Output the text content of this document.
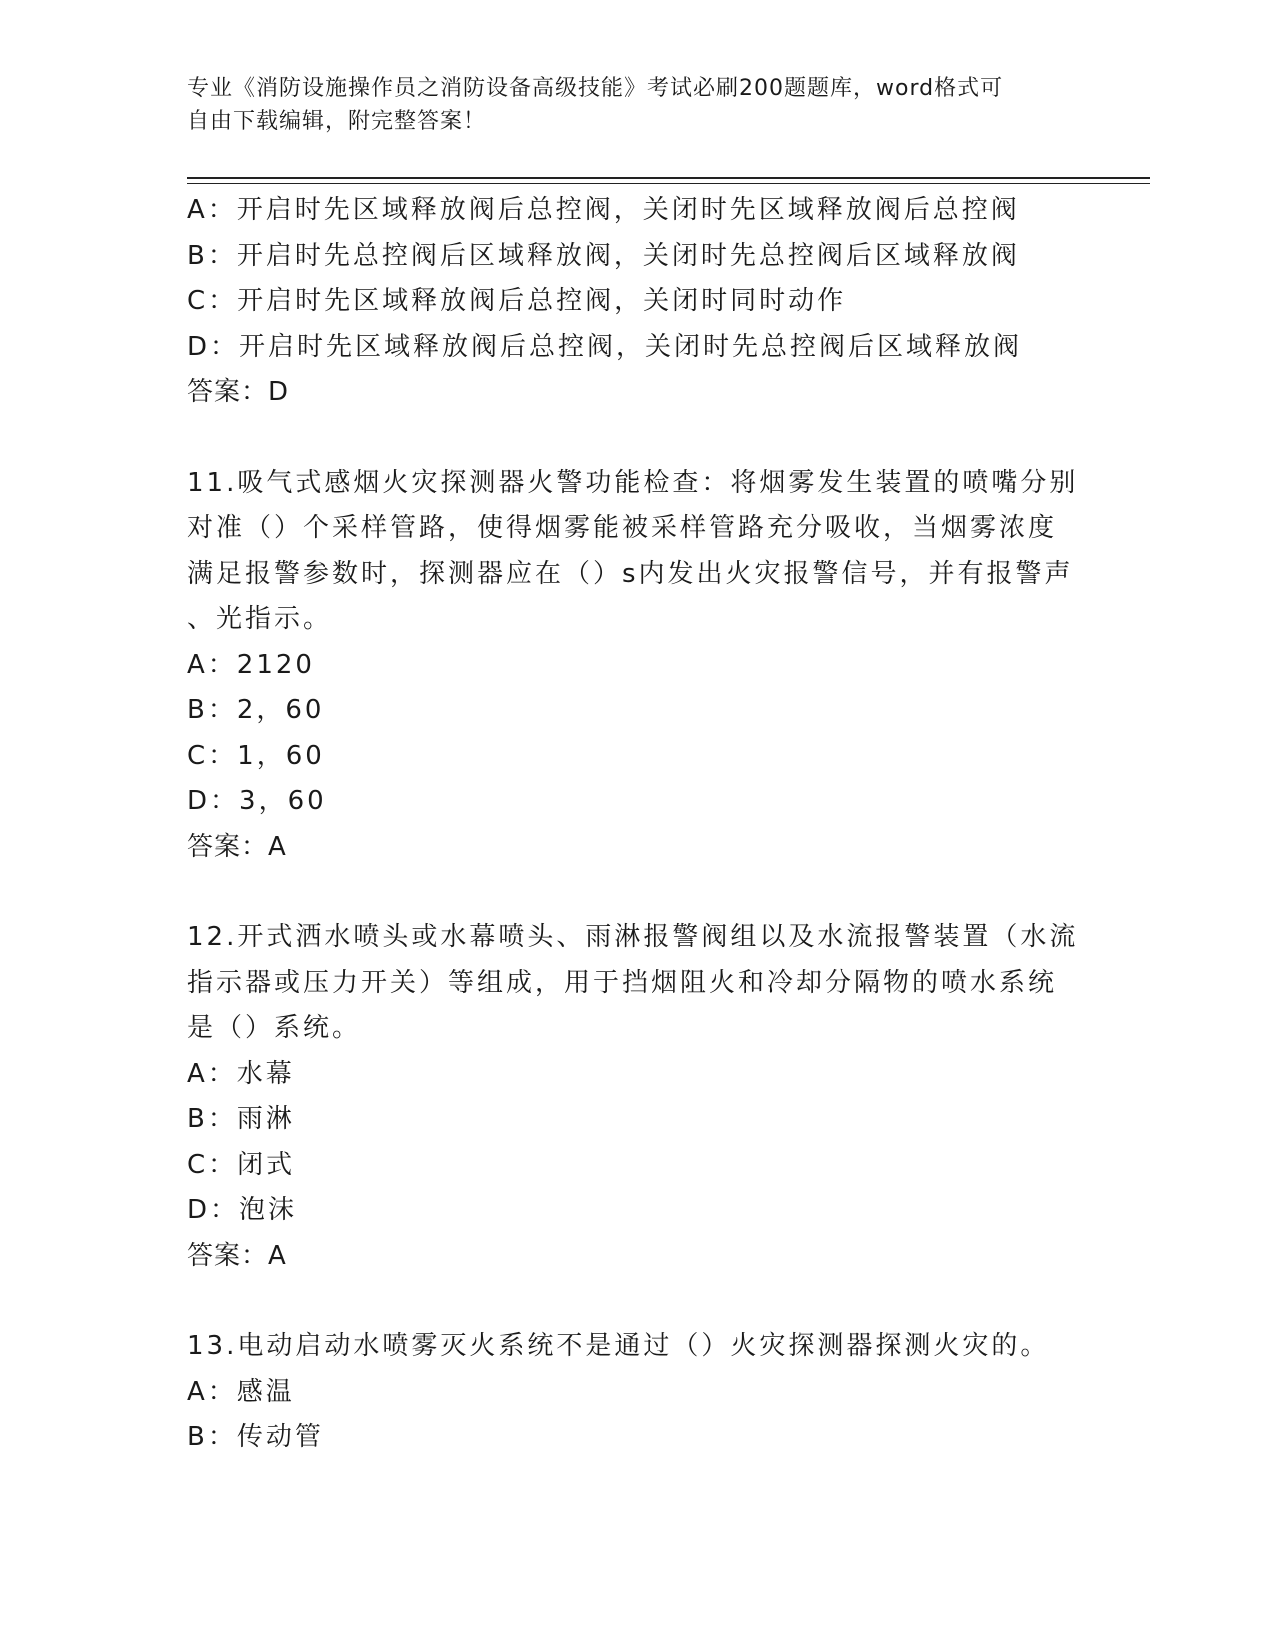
专业《消防设施操作员之消防设备高级技能》考试必刷200题题库，word格式可
自由下载编辑，附完整答案！
A：开启时先区域释放阀后总控阀，关闭时先区域释放阀后总控阀
B：开启时先总控阀后区域释放阀，关闭时先总控阀后区域释放阀
C：开启时先区域释放阀后总控阀，关闭时同时动作
D：开启时先区域释放阀后总控阀，关闭时先总控阀后区域释放阀
答案：D
11.吸气式感烟火灾探测器火警功能检查：将烟雾发生装置的喷嘴分别
对准（）个采样管路，使得烟雾能被采样管路充分吸收，当烟雾浓度
满足报警参数时，探测器应在（）s内发出火灾报警信号，并有报警声
、光指示。
A：2120
B：2，60
C：1，60
D：3，60
答案：A
12.开式洒水喷头或水幕喷头、雨淋报警阀组以及水流报警装置（水流
指示器或压力开关）等组成，用于挡烟阻火和冷却分隔物的喷水系统
是（）系统。
A：水幕
B：雨淋
C：闭式
D：泡沫
答案：A
13.电动启动水喷雾灭火系统不是通过（）火灾探测器探测火灾的。
A：感温
B：传动管
